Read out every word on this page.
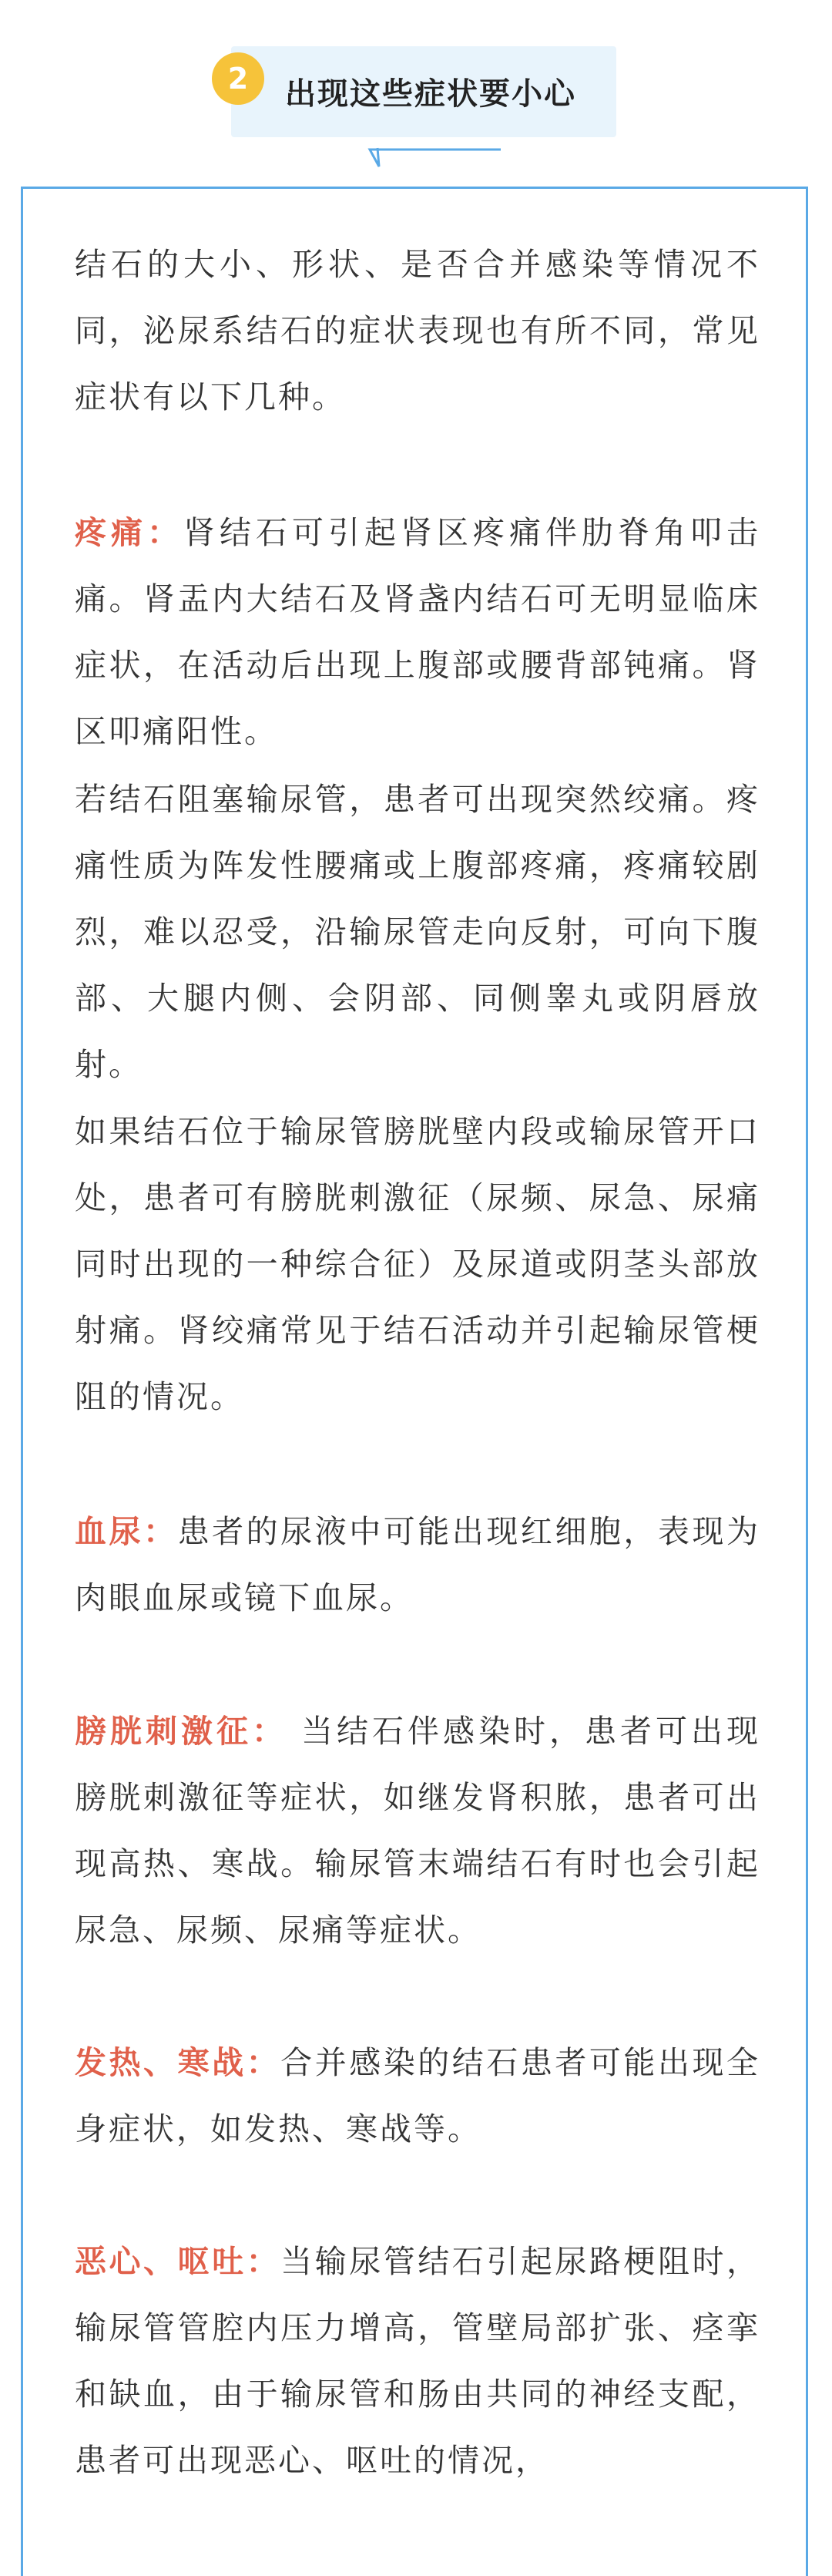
2	出现这些症状要小心

结石的大小、形状、是否合并感染等情况不同，泌尿系结石的症状表现也有所不同，常见症状有以下几种。

疼痛：肾结石可引起肾区疼痛伴肋脊角叩击痛。肾盂内大结石及肾盏内结石可无明显临床症状，在活动后出现上腹部或腰背部钝痛。肾区叩痛阳性。

若结石阻塞输尿管，患者可出现突然绞痛。疼痛性质为阵发性腰痛或上腹部疼痛，疼痛较剧烈，难以忍受，沿输尿管走向反射，可向下腹部、大腿内侧、会阴部、同侧睾丸或阴唇放射。

如果结石位于输尿管膀胱壁内段或输尿管开口处，患者可有膀胱刺激征（尿频、尿急、尿痛同时出现的一种综合征）及尿道或阴茎头部放射痛。肾绞痛常见于结石活动并引起输尿管梗阻的情况。

血尿：患者的尿液中可能出现红细胞，表现为肉眼血尿或镜下血尿。

膀胱刺激征： 当结石伴感染时，患者可出现膀胱刺激征等症状，如继发肾积脓，患者可出现高热、寒战。输尿管末端结石有时也会引起尿急、尿频、尿痛等症状。

发热、寒战：合并感染的结石患者可能出现全身症状，如发热、寒战等。

恶心、呕吐：当输尿管结石引起尿路梗阻时，输尿管管腔内压力增高，管壁局部扩张、痉挛和缺血，由于输尿管和肠由共同的神经支配，患者可出现恶心、呕吐的情况，
